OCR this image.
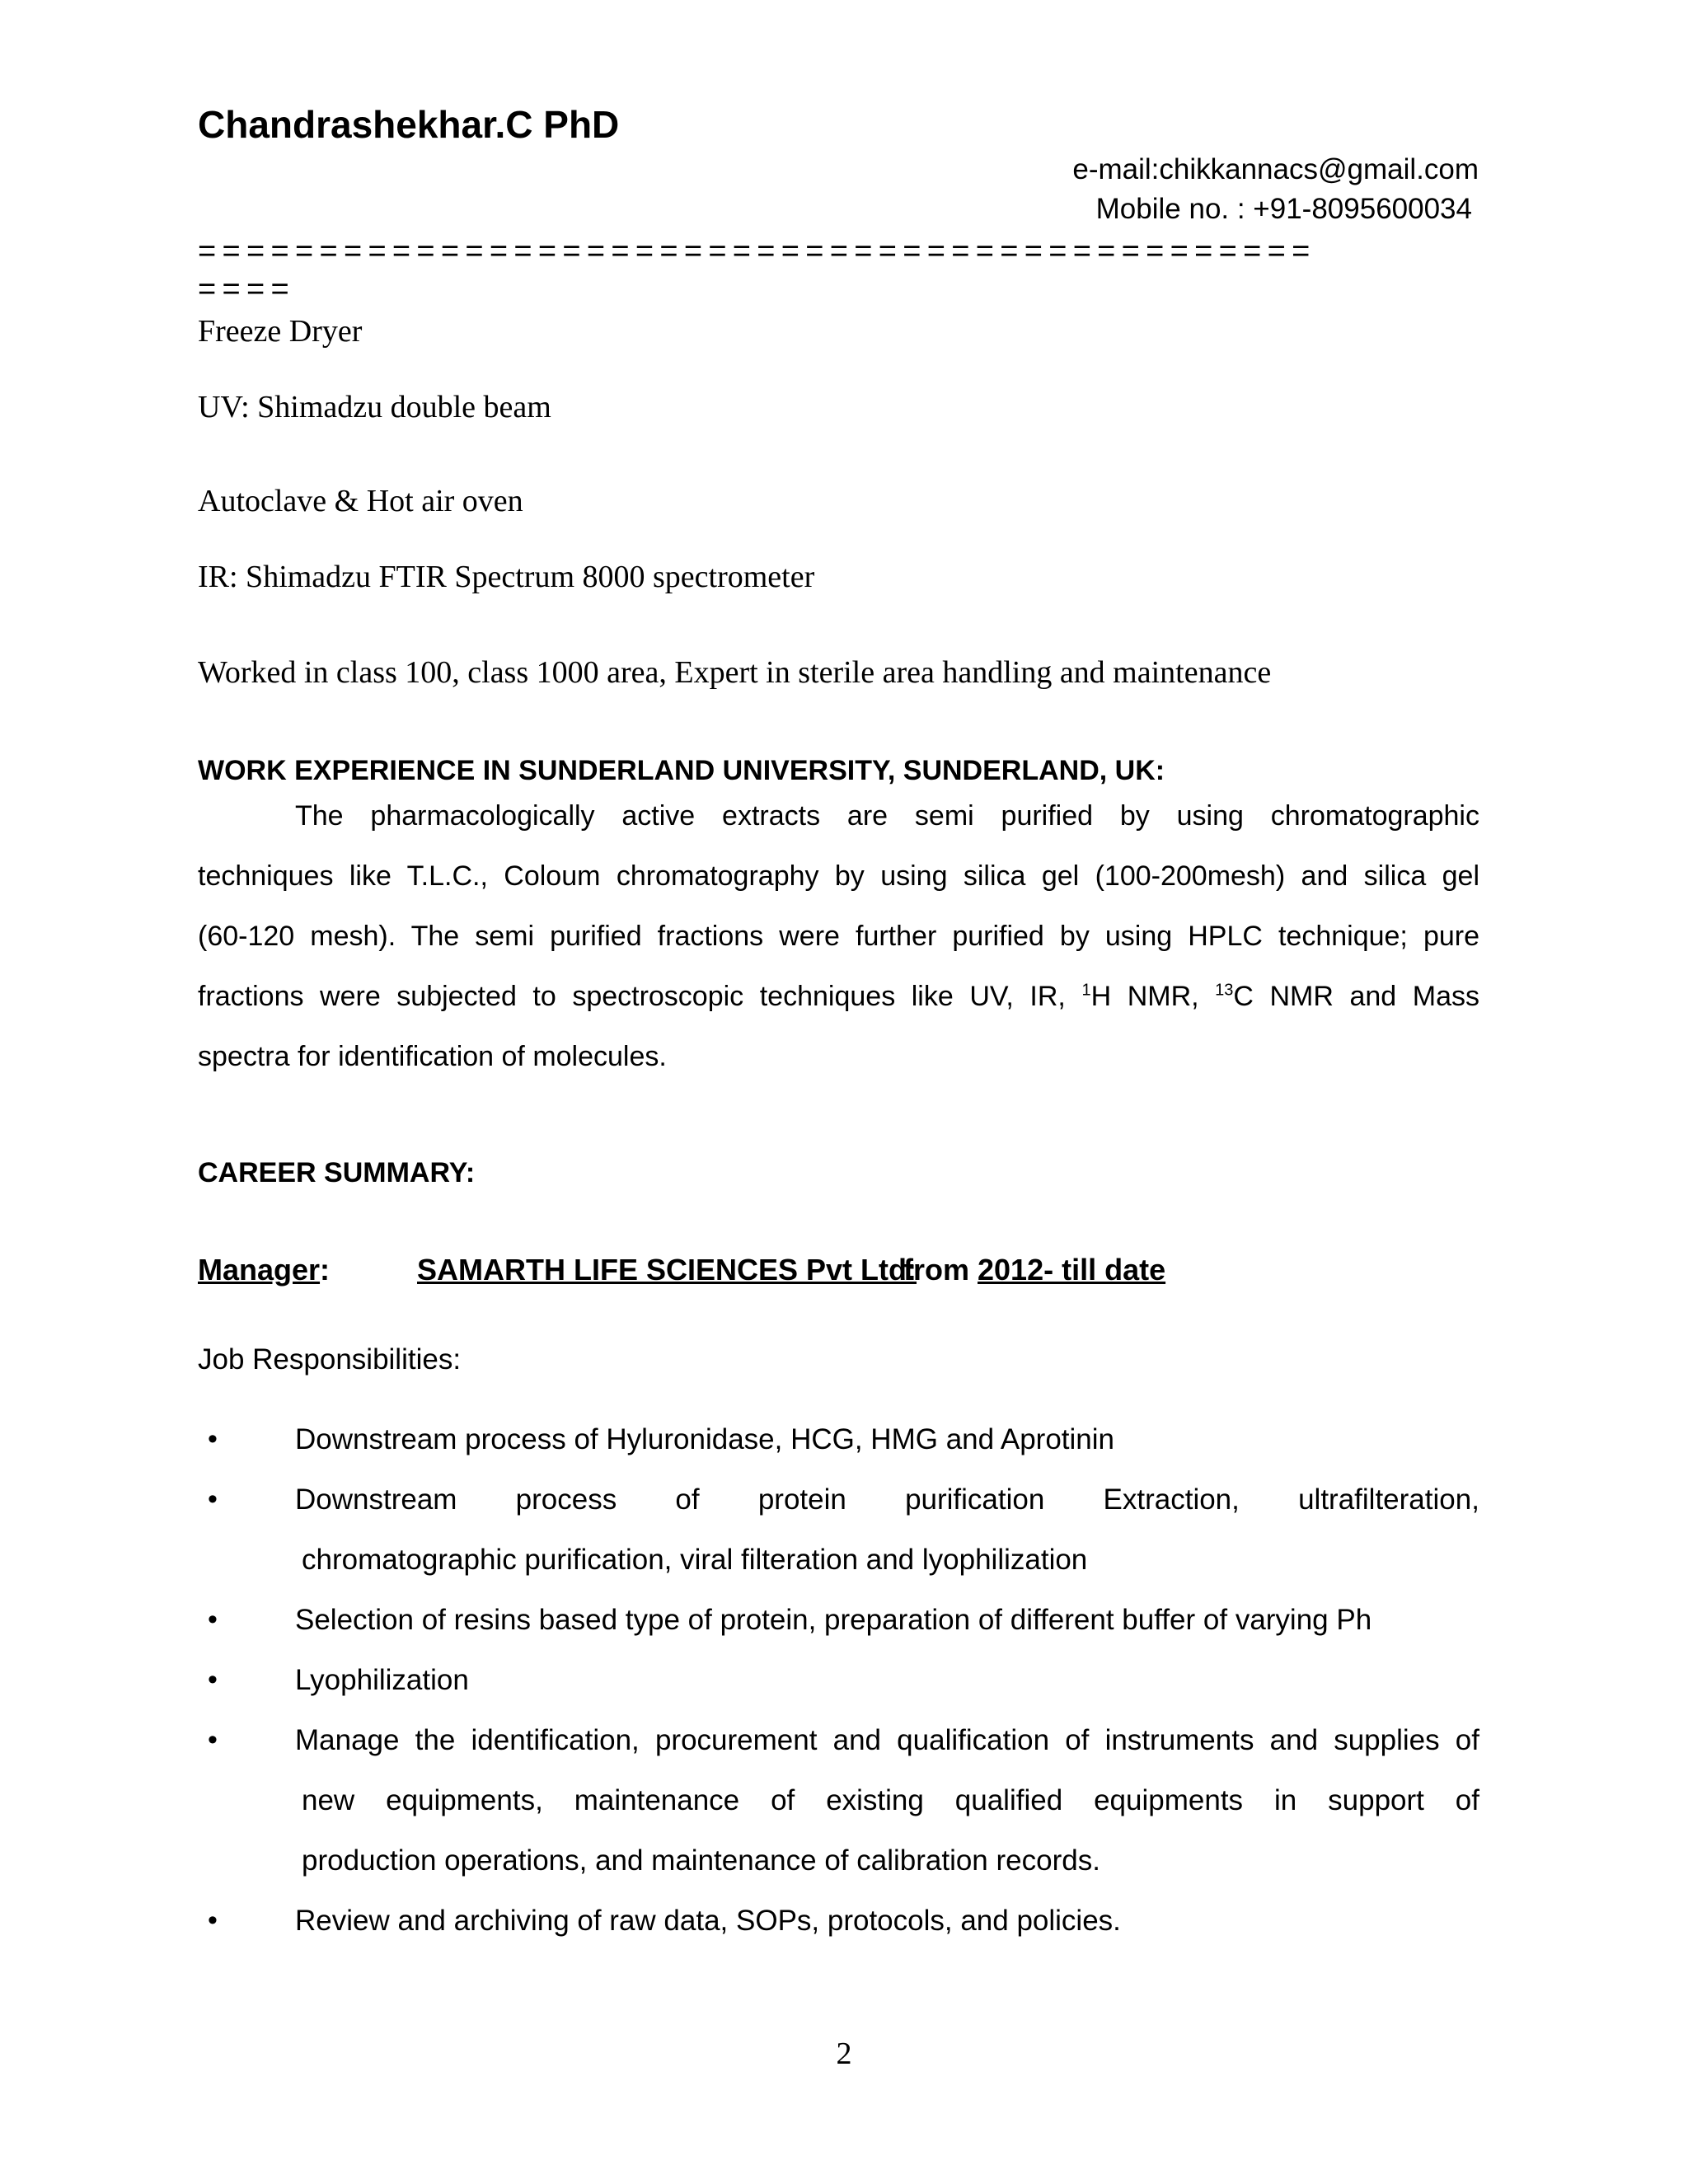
Chandrashekhar.C PhD
e-mail:chikkannacs@gmail.com
Mobile no. : +91-8095600034
==============================================
====
Freeze Dryer
UV: Shimadzu double beam
Autoclave & Hot air oven
IR: Shimadzu FTIR Spectrum 8000 spectrometer
Worked in class 100, class 1000 area, Expert in sterile area handling and maintenance
WORK EXPERIENCE IN SUNDERLAND UNIVERSITY, SUNDERLAND, UK:
The pharmacologically active extracts are semi purified by using chromatographic
techniques like T.L.C., Coloum chromatography by using silica gel (100-200mesh) and silica gel
(60-120 mesh). The semi purified fractions were further purified by using HPLC technique; pure
fractions were subjected to spectroscopic techniques like UV, IR, $^1$H NMR, $^{13}$C NMR and Mass
spectra for identification of molecules.
CAREER SUMMARY:
Manager:	SAMARTH LIFE SCIENCES Pvt Ltd:
from 2012- till date
Job Responsibilities:
•	Downstream process of Hyluronidase, HCG, HMG and Aprotinin
•	Downstream process of protein purification Extraction, ultrafilteration,
chromatographic purification, viral filteration and lyophilization
•	Selection of resins based type of protein, preparation of different buffer of varying Ph
•	Lyophilization
•	Manage the identification, procurement and qualification of instruments and supplies of
new equipments, maintenance of existing qualified equipments in support of
production operations, and maintenance of calibration records.
•	Review and archiving of raw data, SOPs, protocols, and policies.
2
